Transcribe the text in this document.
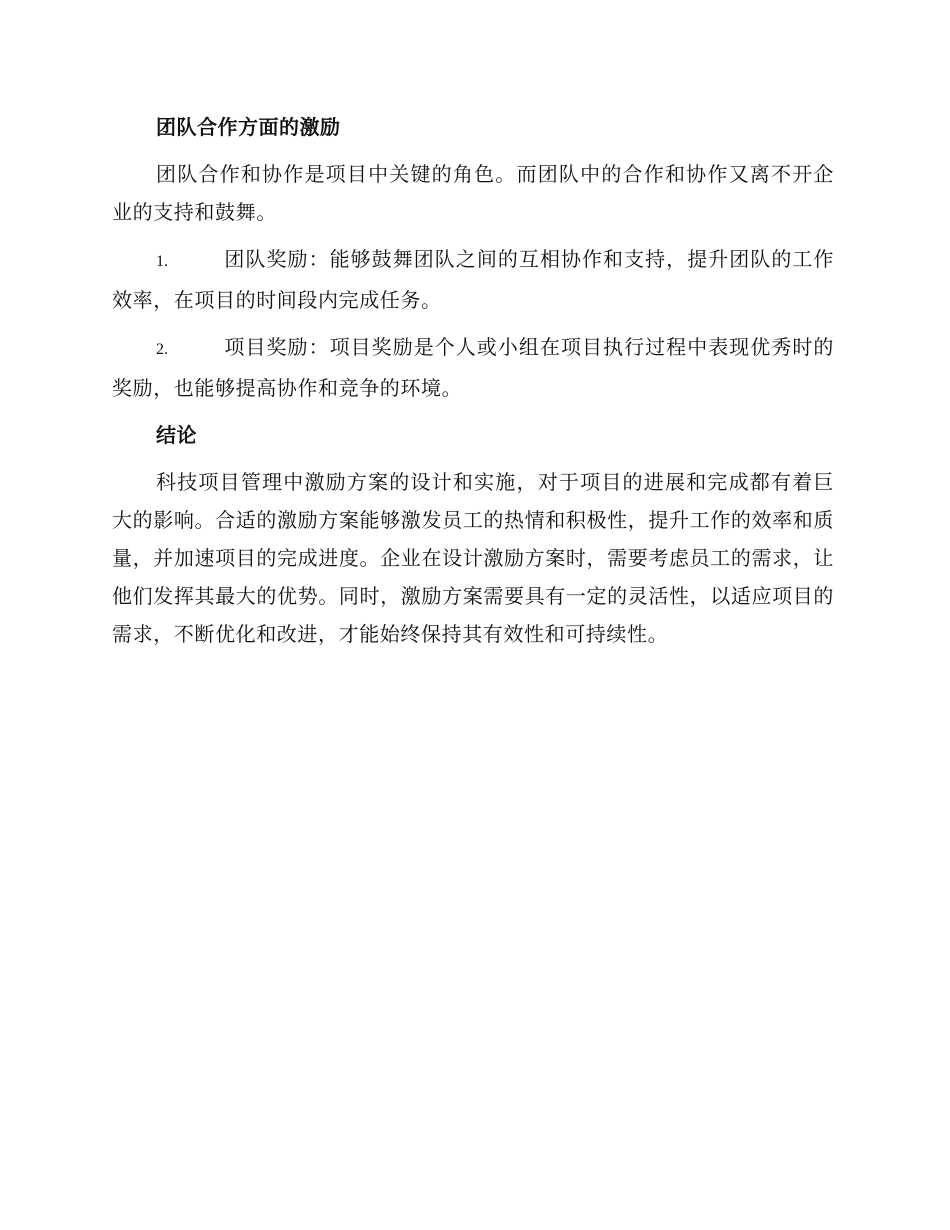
团队合作方面的激励

团队合作和协作是项目中关键的角色。而团队中的合作和协作又离不开企业的支持和鼓舞。

1.	团队奖励：能够鼓舞团队之间的互相协作和支持，提升团队的工作效率，在项目的时间段内完成任务。

2.	项目奖励：项目奖励是个人或小组在项目执行过程中表现优秀时的奖励，也能够提高协作和竞争的环境。

结论

科技项目管理中激励方案的设计和实施，对于项目的进展和完成都有着巨大的影响。合适的激励方案能够激发员工的热情和积极性，提升工作的效率和质量，并加速项目的完成进度。企业在设计激励方案时，需要考虑员工的需求，让他们发挥其最大的优势。同时，激励方案需要具有一定的灵活性，以适应项目的需求，不断优化和改进，才能始终保持其有效性和可持续性。
